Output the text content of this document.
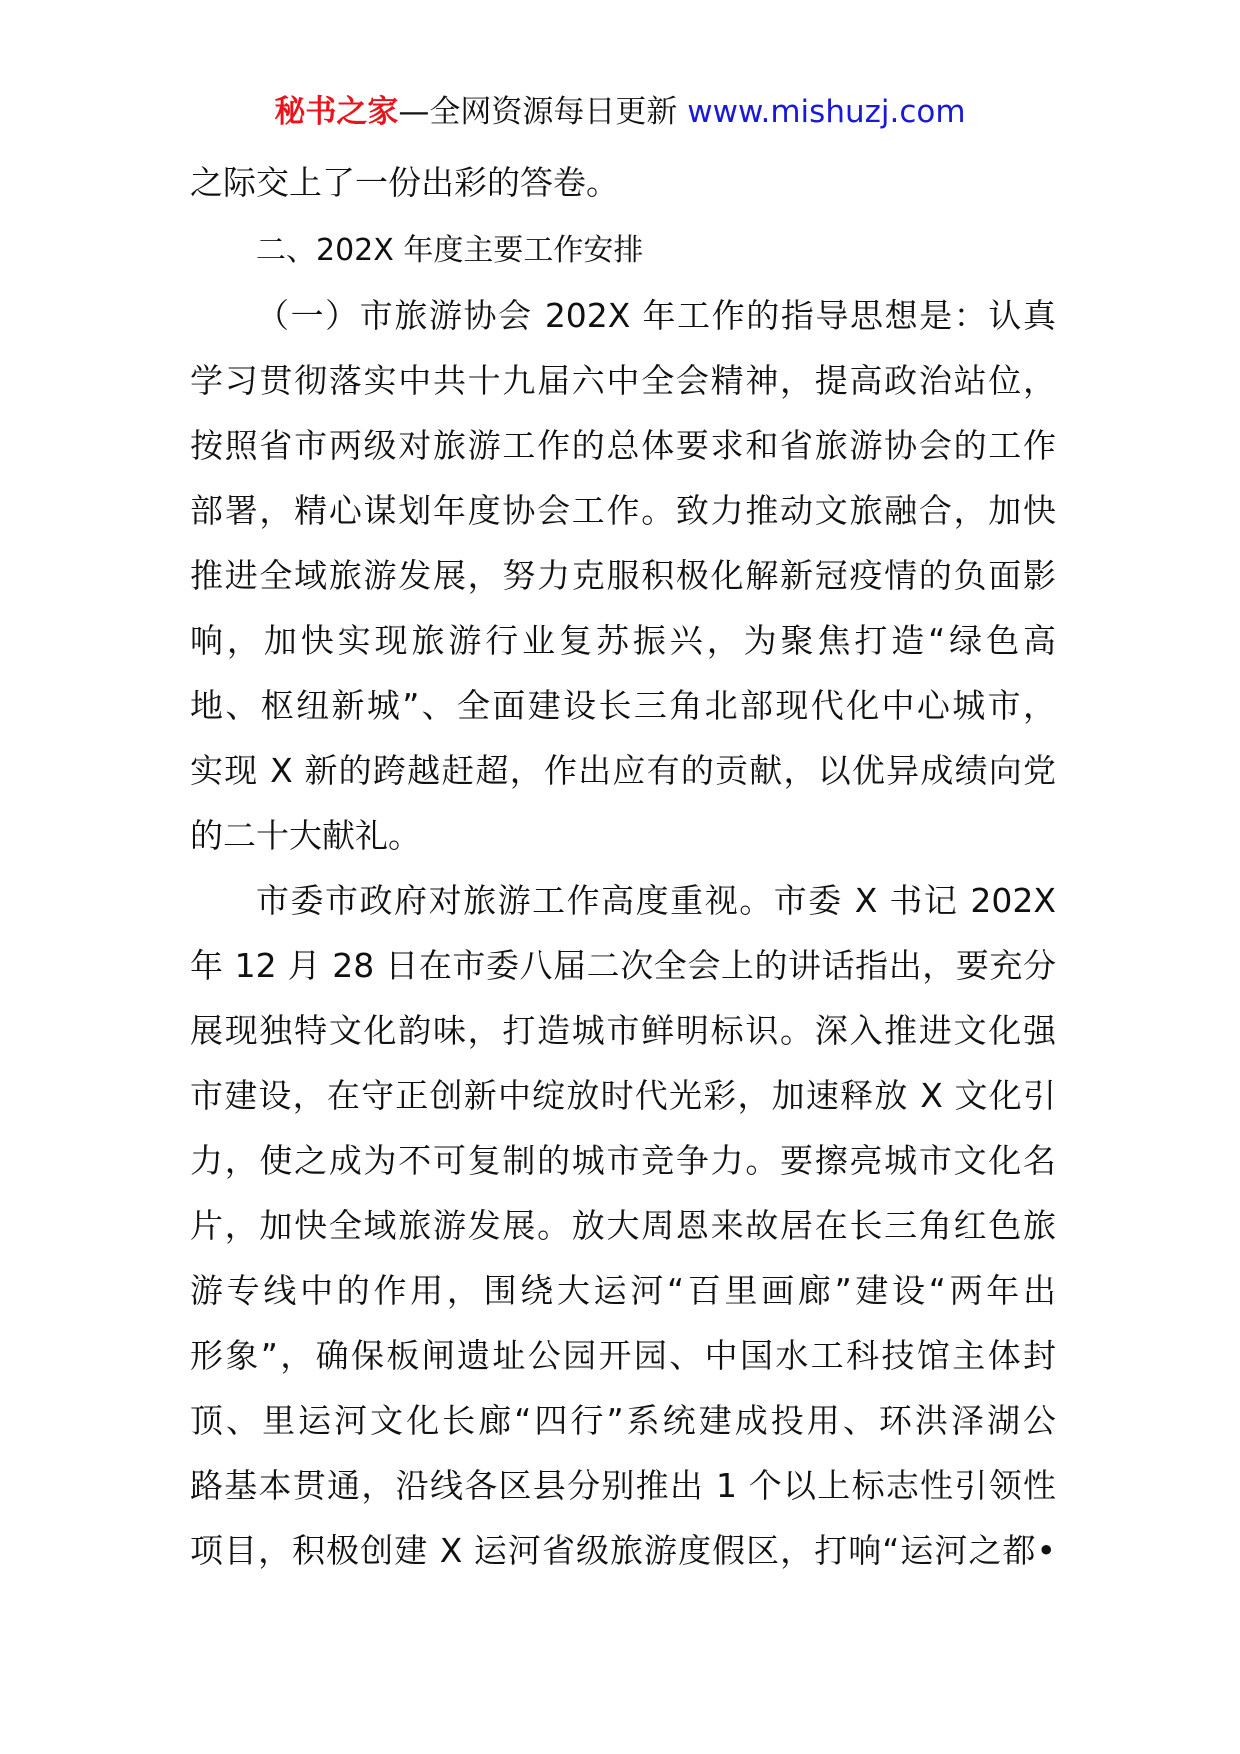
秘书之家—全网资源每日更新 www.mishuzj.com
之际交上了一份出彩的答卷。
二、202X 年度主要工作安排
（一）市旅游协会 202X 年工作的指导思想是：认真
学习贯彻落实中共十九届六中全会精神，提高政治站位，
按照省市两级对旅游工作的总体要求和省旅游协会的工作
部署，精心谋划年度协会工作。致力推动文旅融合，加快
推进全域旅游发展，努力克服积极化解新冠疫情的负面影
响，加快实现旅游行业复苏振兴，为聚焦打造“绿色高
地、枢纽新城”、全面建设长三角北部现代化中心城市，
实现 X 新的跨越赶超，作出应有的贡献，以优异成绩向党
的二十大献礼。
市委市政府对旅游工作高度重视。市委 X 书记 202X
年 12 月 28 日在市委八届二次全会上的讲话指出，要充分
展现独特文化韵味，打造城市鲜明标识。深入推进文化强
市建设，在守正创新中绽放时代光彩，加速释放 X 文化引
力，使之成为不可复制的城市竞争力。要擦亮城市文化名
片，加快全域旅游发展。放大周恩来故居在长三角红色旅
游专线中的作用，围绕大运河“百里画廊”建设“两年出
形象”，确保板闸遗址公园开园、中国水工科技馆主体封
顶、里运河文化长廊“四行”系统建成投用、环洪泽湖公
路基本贯通，沿线各区县分别推出 1 个以上标志性引领性
项目，积极创建 X 运河省级旅游度假区，打响“运河之都•
